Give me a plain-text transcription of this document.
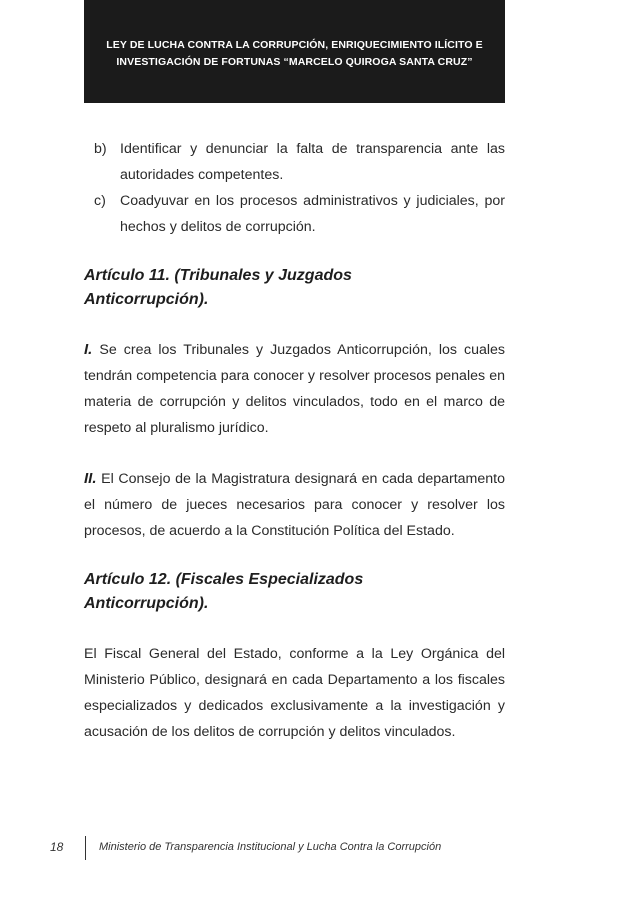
LEY DE LUCHA CONTRA LA CORRUPCIÓN, ENRIQUECIMIENTO ILÍCITO E
INVESTIGACIÓN DE FORTUNAS “MARCELO QUIROGA SANTA CRUZ”
b) Identificar y denunciar la falta de transparencia ante las autoridades competentes.
c) Coadyuvar en los procesos administrativos y judiciales, por hechos y delitos de corrupción.
Artículo 11. (Tribunales y Juzgados Anticorrupción).

I. Se crea los Tribunales y Juzgados Anticorrupción, los cuales tendrán competencia para conocer y resolver procesos penales en materia de corrupción y delitos vinculados, todo en el marco de respeto al pluralismo jurídico.

II. El Consejo de la Magistratura designará en cada departamento el número de jueces necesarios para conocer y resolver los procesos, de acuerdo a la Constitución Política del Estado.

Artículo 12. (Fiscales Especializados Anticorrupción).

El Fiscal General del Estado, conforme a la Ley Orgánica del Ministerio Público, designará en cada Departamento a los fiscales especializados y dedicados exclusivamente a la investigación y acusación de los delitos de corrupción y delitos vinculados.

18	Ministerio de Transparencia Institucional y Lucha Contra la Corrupción
